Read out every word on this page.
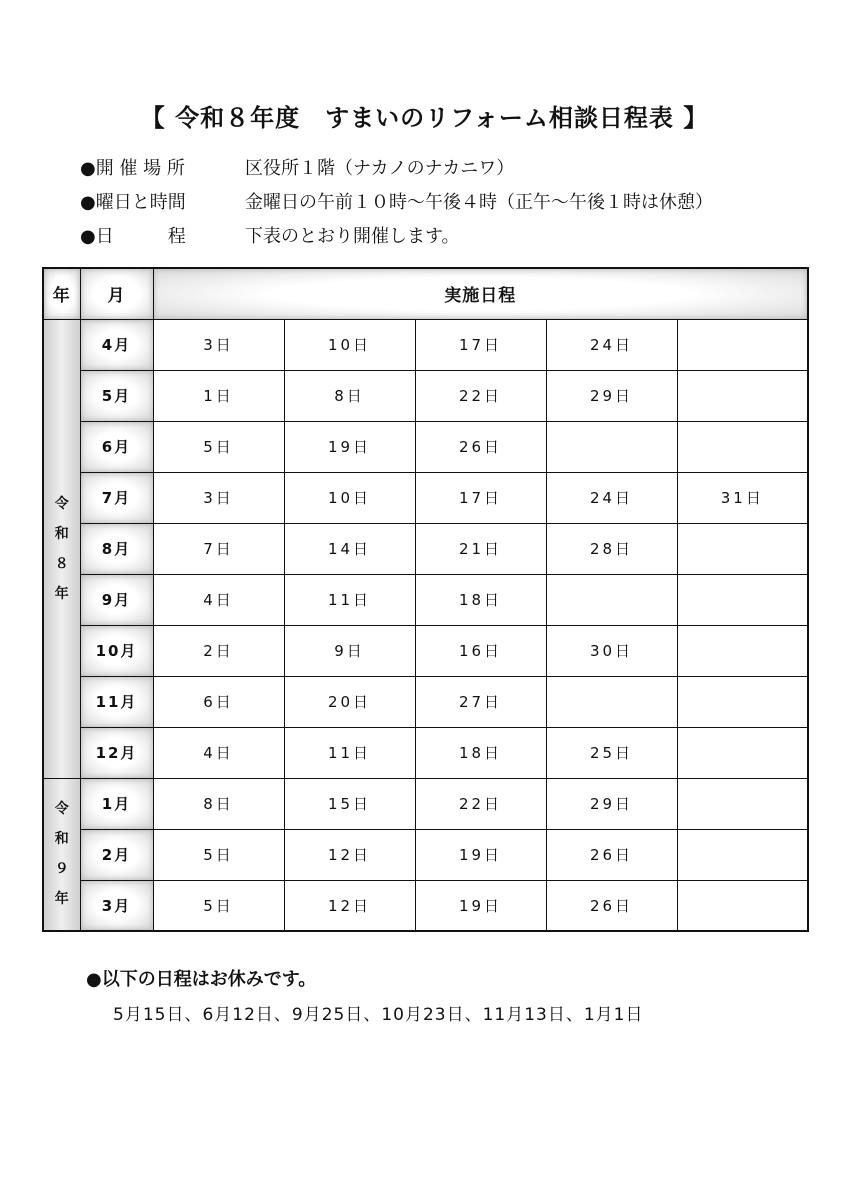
【 令和８年度　すまいのリフォーム相談日程表 】
●開 催 場 所	区役所１階（ナカノのナカニワ）
●曜日と時間	金曜日の午前１０時～午後４時（正午～午後１時は休憩）
●日　　　程	下表のとおり開催します。
年	月	実施日程				
令和８年	4月	3日	10日	17日	24日	
	5月	1日	8日	22日	29日	
	6月	5日	19日	26日		
	7月	3日	10日	17日	24日	31日
	8月	7日	14日	21日	28日	
	9月	4日	11日	18日		
	10月	2日	9日	16日	30日	
	11月	6日	20日	27日		
	12月	4日	11日	18日	25日	
令和９年	1月	8日	15日	22日	29日	
	2月	5日	12日	19日	26日	
	3月	5日	12日	19日	26日	
●以下の日程はお休みです。
5月15日、6月12日、9月25日、10月23日、11月13日、1月1日
